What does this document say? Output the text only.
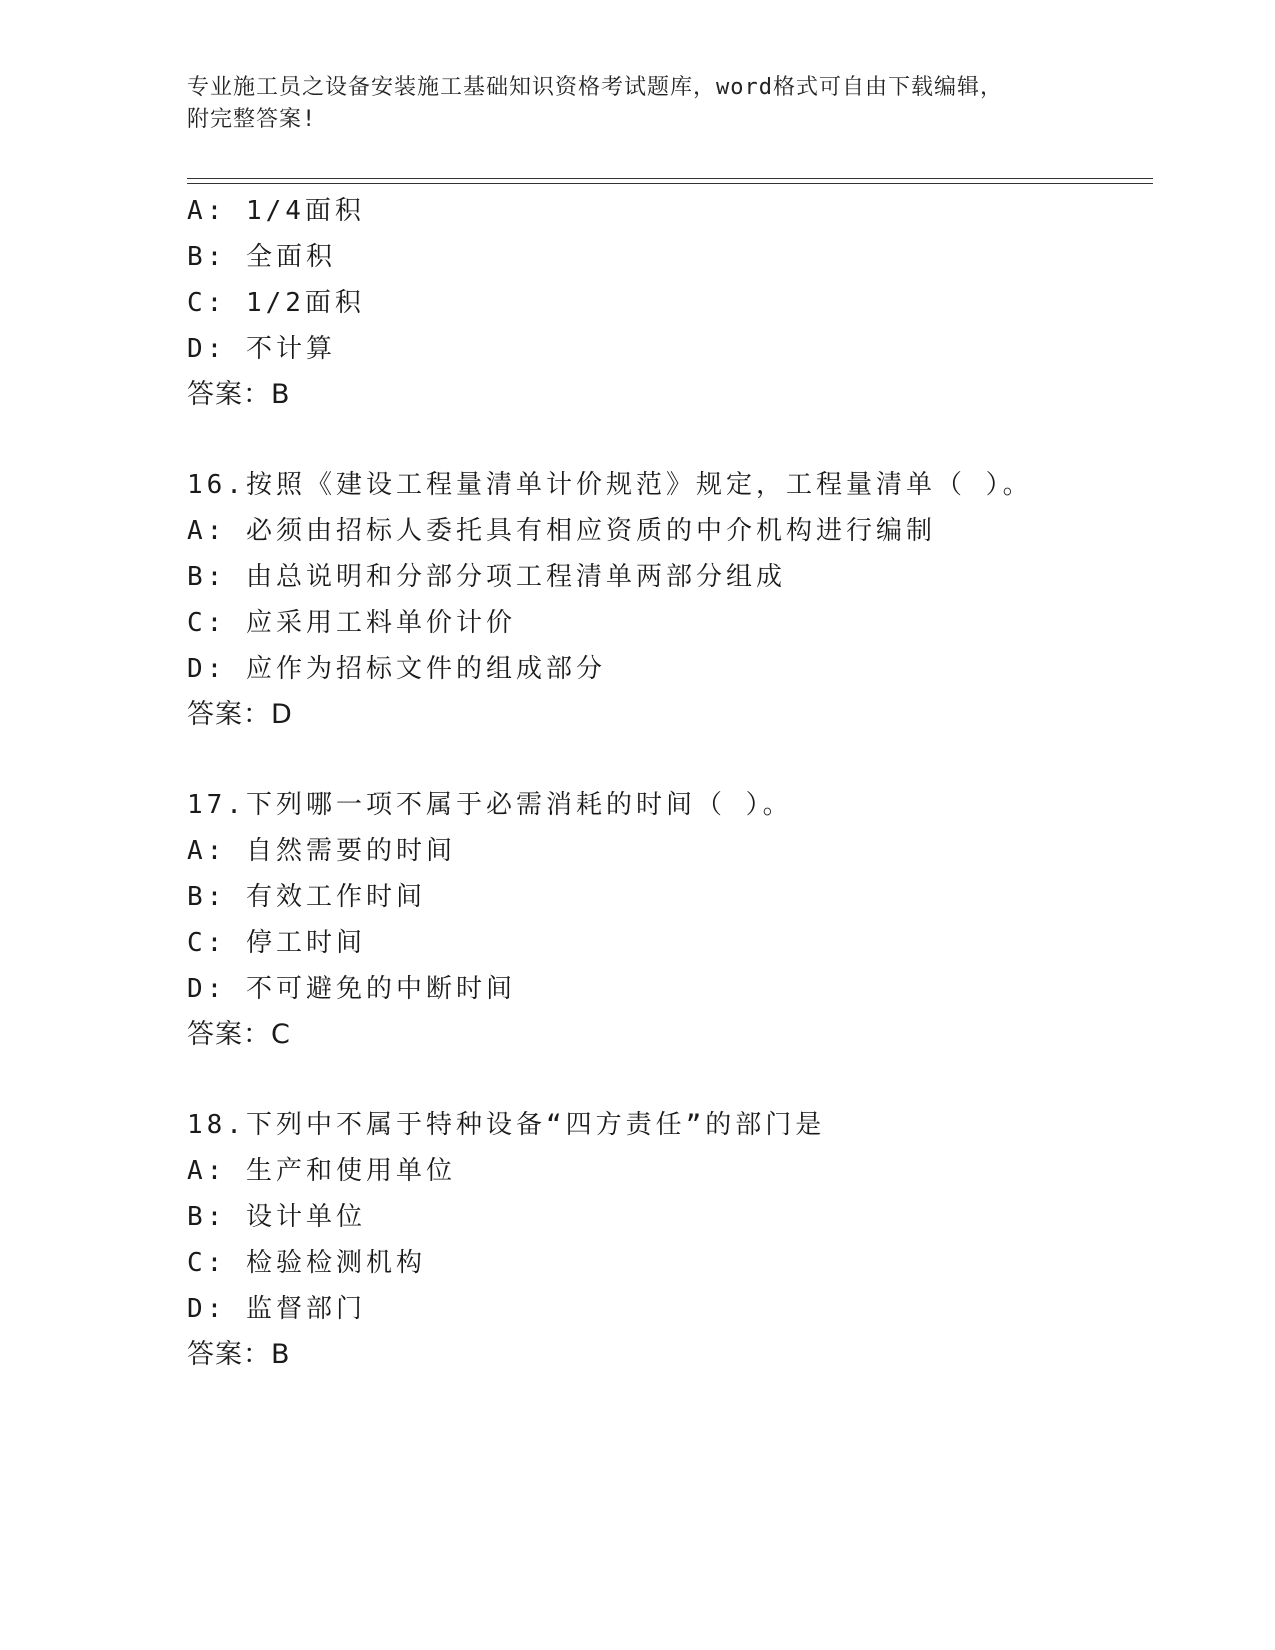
专业施工员之设备安装施工基础知识资格考试题库，word格式可自由下载编辑，
附完整答案!
A: 1/4面积
B: 全面积
C: 1/2面积
D: 不计算
答案：B
16.按照《建设工程量清单计价规范》规定，工程量清单（ ）。
A: 必须由招标人委托具有相应资质的中介机构进行编制
B: 由总说明和分部分项工程清单两部分组成
C: 应采用工料单价计价
D: 应作为招标文件的组成部分
答案：D
17.下列哪一项不属于必需消耗的时间（ ）。
A: 自然需要的时间
B: 有效工作时间
C: 停工时间
D: 不可避免的中断时间
答案：C
18.下列中不属于特种设备“四方责任”的部门是
A: 生产和使用单位
B: 设计单位
C: 检验检测机构
D: 监督部门
答案：B
